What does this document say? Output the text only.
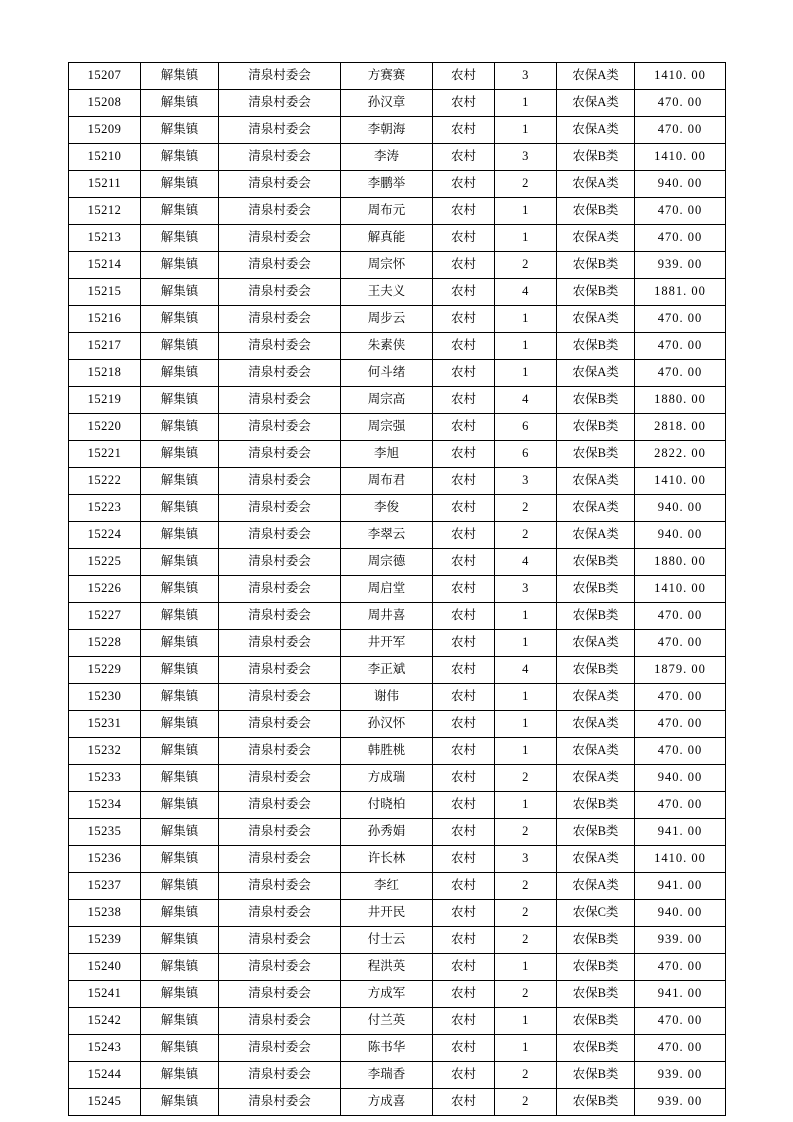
15207	解集镇	清泉村委会	方赛赛	农村	3	农保A类	1410. 00
15208	解集镇	清泉村委会	孙汉章	农村	1	农保A类	470. 00
15209	解集镇	清泉村委会	李朝海	农村	1	农保A类	470. 00
15210	解集镇	清泉村委会	李涛	农村	3	农保B类	1410. 00
15211	解集镇	清泉村委会	李鹏举	农村	2	农保A类	940. 00
15212	解集镇	清泉村委会	周布元	农村	1	农保B类	470. 00
15213	解集镇	清泉村委会	解真能	农村	1	农保A类	470. 00
15214	解集镇	清泉村委会	周宗怀	农村	2	农保B类	939. 00
15215	解集镇	清泉村委会	王夫义	农村	4	农保B类	1881. 00
15216	解集镇	清泉村委会	周步云	农村	1	农保A类	470. 00
15217	解集镇	清泉村委会	朱素侠	农村	1	农保B类	470. 00
15218	解集镇	清泉村委会	何斗绪	农村	1	农保A类	470. 00
15219	解集镇	清泉村委会	周宗高	农村	4	农保B类	1880. 00
15220	解集镇	清泉村委会	周宗强	农村	6	农保B类	2818. 00
15221	解集镇	清泉村委会	李旭	农村	6	农保B类	2822. 00
15222	解集镇	清泉村委会	周布君	农村	3	农保A类	1410. 00
15223	解集镇	清泉村委会	李俊	农村	2	农保A类	940. 00
15224	解集镇	清泉村委会	李翠云	农村	2	农保A类	940. 00
15225	解集镇	清泉村委会	周宗德	农村	4	农保B类	1880. 00
15226	解集镇	清泉村委会	周启堂	农村	3	农保B类	1410. 00
15227	解集镇	清泉村委会	周井喜	农村	1	农保B类	470. 00
15228	解集镇	清泉村委会	井开军	农村	1	农保A类	470. 00
15229	解集镇	清泉村委会	李正斌	农村	4	农保B类	1879. 00
15230	解集镇	清泉村委会	谢伟	农村	1	农保A类	470. 00
15231	解集镇	清泉村委会	孙汉怀	农村	1	农保A类	470. 00
15232	解集镇	清泉村委会	韩胜桃	农村	1	农保A类	470. 00
15233	解集镇	清泉村委会	方成瑞	农村	2	农保A类	940. 00
15234	解集镇	清泉村委会	付晓柏	农村	1	农保B类	470. 00
15235	解集镇	清泉村委会	孙秀娟	农村	2	农保B类	941. 00
15236	解集镇	清泉村委会	许长林	农村	3	农保A类	1410. 00
15237	解集镇	清泉村委会	李红	农村	2	农保A类	941. 00
15238	解集镇	清泉村委会	井开民	农村	2	农保C类	940. 00
15239	解集镇	清泉村委会	付士云	农村	2	农保B类	939. 00
15240	解集镇	清泉村委会	程洪英	农村	1	农保B类	470. 00
15241	解集镇	清泉村委会	方成军	农村	2	农保B类	941. 00
15242	解集镇	清泉村委会	付兰英	农村	1	农保B类	470. 00
15243	解集镇	清泉村委会	陈书华	农村	1	农保B类	470. 00
15244	解集镇	清泉村委会	李瑞香	农村	2	农保B类	939. 00
15245	解集镇	清泉村委会	方成喜	农村	2	农保B类	939. 00
